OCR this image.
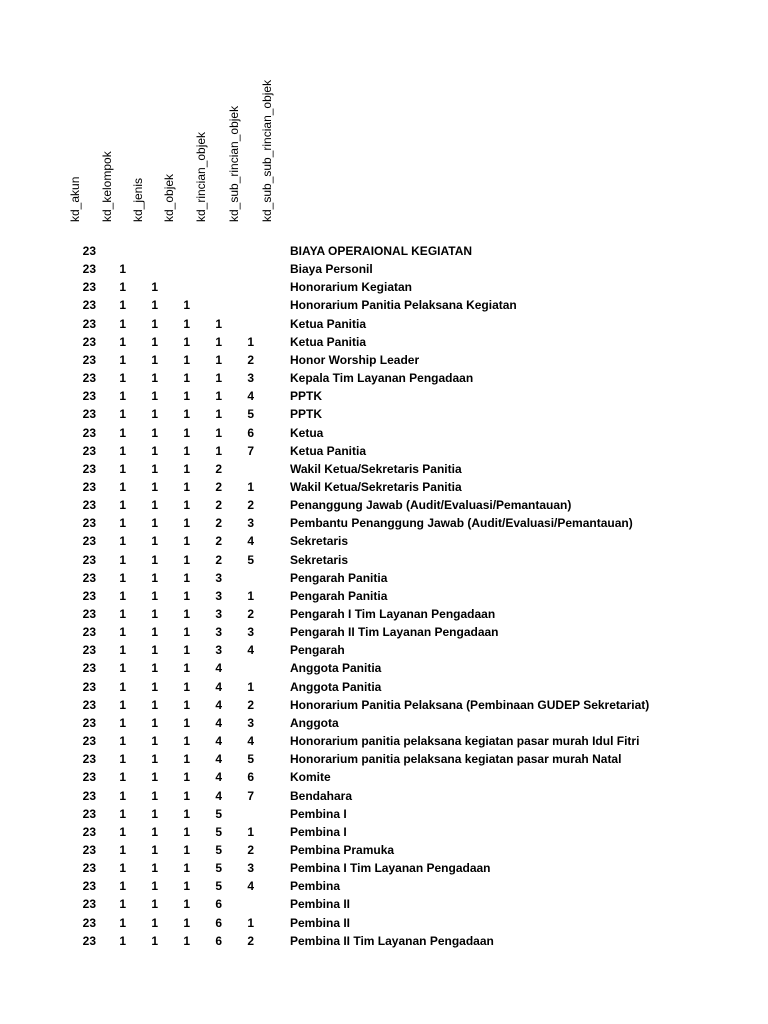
kd_akun kd_kelompok kd_jenis kd_objek kd_rincian_objek kd_sub_rincian_objek kd_sub_sub_rincian_objek
23	BIAYA OPERAIONAL KEGIATAN
23	1	Biaya Personil
23	1	1	Honorarium Kegiatan
23	1	1	1	Honorarium Panitia Pelaksana Kegiatan
23	1	1	1	1	Ketua Panitia
23	1	1	1	1	1	Ketua Panitia
23	1	1	1	1	2	Honor Worship Leader
23	1	1	1	1	3	Kepala Tim Layanan Pengadaan
23	1	1	1	1	4	PPTK
23	1	1	1	1	5	PPTK
23	1	1	1	1	6	Ketua
23	1	1	1	1	7	Ketua Panitia
23	1	1	1	2	Wakil Ketua/Sekretaris Panitia
23	1	1	1	2	1	Wakil Ketua/Sekretaris Panitia
23	1	1	1	2	2	Penanggung Jawab (Audit/Evaluasi/Pemantauan)
23	1	1	1	2	3	Pembantu Penanggung Jawab (Audit/Evaluasi/Pemantauan)
23	1	1	1	2	4	Sekretaris
23	1	1	1	2	5	Sekretaris
23	1	1	1	3	Pengarah Panitia
23	1	1	1	3	1	Pengarah Panitia
23	1	1	1	3	2	Pengarah I Tim Layanan Pengadaan
23	1	1	1	3	3	Pengarah II Tim Layanan Pengadaan
23	1	1	1	3	4	Pengarah
23	1	1	1	4	Anggota Panitia
23	1	1	1	4	1	Anggota Panitia
23	1	1	1	4	2	Honorarium Panitia Pelaksana (Pembinaan GUDEP Sekretariat)
23	1	1	1	4	3	Anggota
23	1	1	1	4	4	Honorarium panitia pelaksana kegiatan pasar murah Idul Fitri
23	1	1	1	4	5	Honorarium panitia pelaksana kegiatan pasar murah Natal
23	1	1	1	4	6	Komite
23	1	1	1	4	7	Bendahara
23	1	1	1	5	Pembina I
23	1	1	1	5	1	Pembina I
23	1	1	1	5	2	Pembina Pramuka
23	1	1	1	5	3	Pembina I Tim Layanan Pengadaan
23	1	1	1	5	4	Pembina
23	1	1	1	6	Pembina II
23	1	1	1	6	1	Pembina II
23	1	1	1	6	2	Pembina II Tim Layanan Pengadaan
